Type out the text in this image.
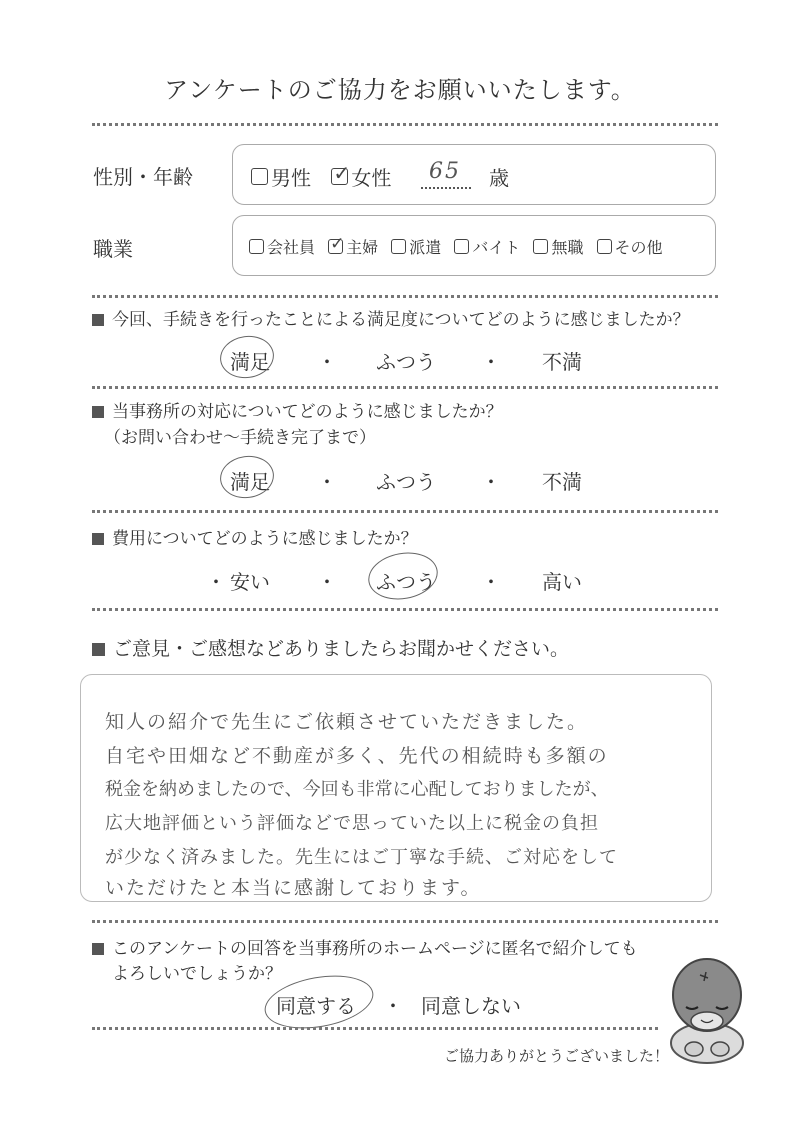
アンケートのご協力をお願いいたします。
性別・年齢	男性 ✓ 女性 65 歳
職業	会社員 ✓ 主婦 派遣 バイト 無職 その他
今回、手続きを行ったことによる満足度についてどのように感じましたか？
満足 ・ ふつう ・ 不満
当事務所の対応についてどのように感じましたか？
（お問い合わせ～手続き完了まで）
満足 ・ ふつう ・ 不満
費用についてどのように感じましたか？
・ 安い ・ ふつう ・ 高い
ご意見・ご感想などありましたらお聞かせください。
知人の紹介で先生にご依頼させていただきました。
自宅や田畑など不動産が多く、先代の相続時も多額の
税金を納めましたので、今回も非常に心配しておりましたが、
広大地評価という評価などで思っていた以上に税金の負担
が少なく済みました。先生にはご丁寧な手続、ご対応をして
いただけたと本当に感謝しております。
このアンケートの回答を当事務所のホームページに匿名で紹介しても
よろしいでしょうか？
同意する ・ 同意しない
ご協力ありがとうございました！
